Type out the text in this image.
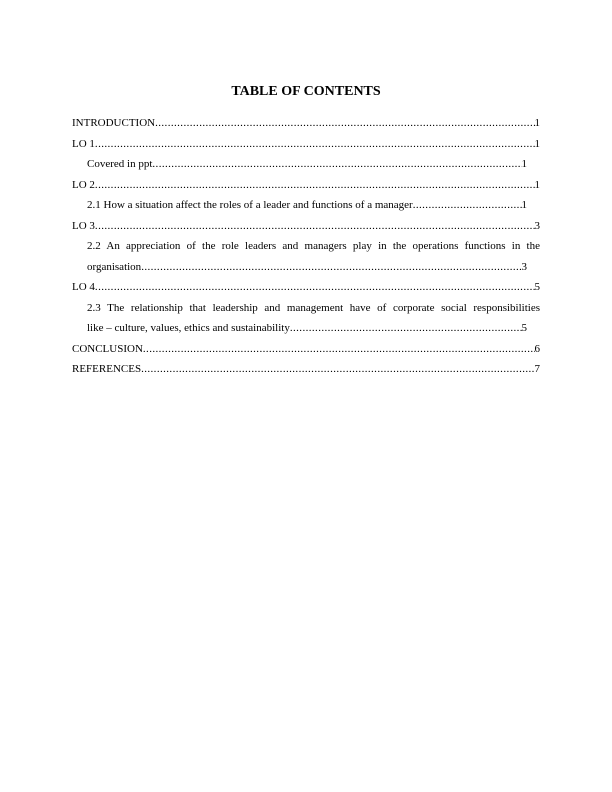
TABLE OF CONTENTS
INTRODUCTION .....	1
LO 1 .....	1
Covered in ppt .....	1
LO 2 .....	1
2.1 How a situation affect the roles of a leader and functions of a manager .....	1
LO 3 .....	3
2.2 An appreciation of the role leaders and managers play in the operations functions in the
organisation .....	3
LO 4 .....	5
2.3 The relationship that leadership and management have of corporate social responsibilities
like – culture, values, ethics and sustainability .....	5
CONCLUSION .....	6
REFERENCES .....	7
